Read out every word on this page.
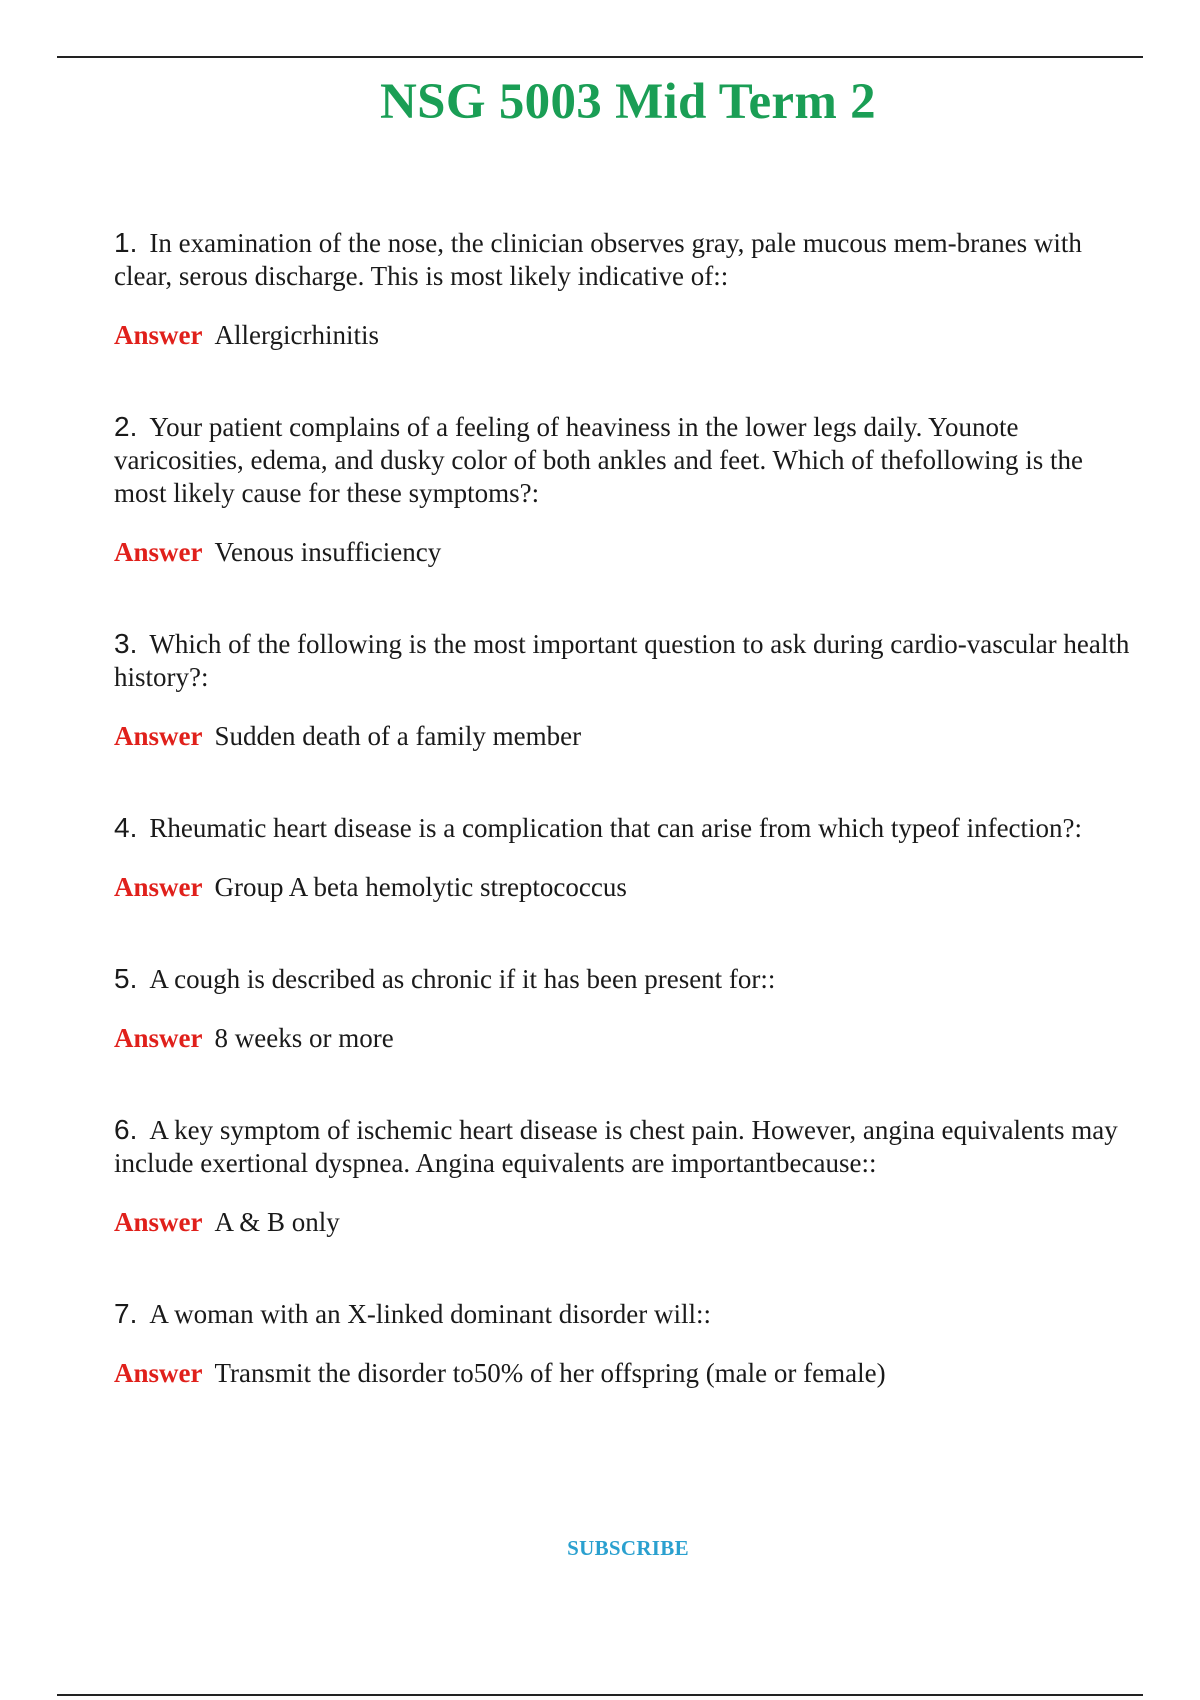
NSG 5003 Mid Term 2

1. In examination of the nose, the clinician observes gray, pale mucous mem-branes with clear, serous discharge. This is most likely indicative of::

Answer Allergicrhinitis

2. Your patient complains of a feeling of heaviness in the lower legs daily. Younote varicosities, edema, and dusky color of both ankles and feet. Which of thefollowing is the most likely cause for these symptoms?:

Answer Venous insufficiency

3. Which of the following is the most important question to ask during cardio-vascular health history?:

Answer Sudden death of a family member

4. Rheumatic heart disease is a complication that can arise from which typeof infection?:

Answer Group A beta hemolytic streptococcus

5. A cough is described as chronic if it has been present for::

Answer 8 weeks or more

6. A key symptom of ischemic heart disease is chest pain. However, angina equivalents may include exertional dyspnea. Angina equivalents are importantbecause::

Answer A & B only

7. A woman with an X-linked dominant disorder will::

Answer Transmit the disorder to50% of her offspring (male or female)
SUBSCRIBE
